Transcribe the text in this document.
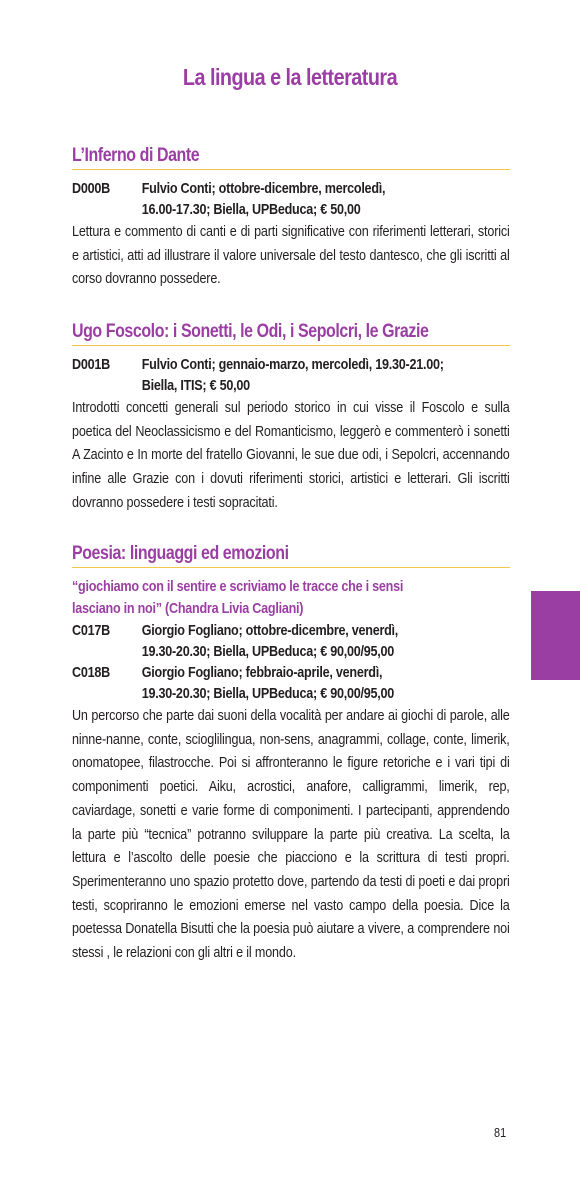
La lingua e la letteratura
L’Inferno di Dante
D000B Fulvio Conti; ottobre-dicembre, mercoledì,
16.00-17.30; Biella, UPBeduca; € 50,00
Lettura e commento di canti e di parti significative con riferimenti letterari, storici e artistici, atti ad illustrare il valore universale del testo dantesco, che gli iscritti al corso dovranno possedere.
Ugo Foscolo: i Sonetti, le Odi, i Sepolcri, le Grazie
D001B Fulvio Conti; gennaio-marzo, mercoledì, 19.30-21.00;
Biella, ITIS; € 50,00
Introdotti concetti generali sul periodo storico in cui visse il Foscolo e sulla poetica del Neoclassicismo e del Romanticismo, leggerò e commenterò i sonetti A Zacinto e In morte del fratello Giovanni, le sue due odi, i Sepolcri, accennando infine alle Grazie con i dovuti riferimenti storici, artistici e letterari. Gli iscritti dovranno possedere i testi sopracitati.
Poesia: linguaggi ed emozioni
“giochiamo con il sentire e scriviamo le tracce che i sensi
lasciano in noi” (Chandra Livia Cagliani)
C017B Giorgio Fogliano; ottobre-dicembre, venerdì,
19.30-20.30; Biella, UPBeduca; € 90,00/95,00
C018B Giorgio Fogliano; febbraio-aprile, venerdì,
19.30-20.30; Biella, UPBeduca; € 90,00/95,00
Un percorso che parte dai suoni della vocalità per andare ai giochi di parole, alle ninne-nanne, conte, scioglilingua, non-sens, anagrammi, collage, conte, limerik, onomatopee, filastrocche. Poi si affronteranno le figure retoriche e i vari tipi di componimenti poetici. Aiku, acrostici, anafore, calligrammi, limerik, rep, caviardage, sonetti e varie forme di componimenti. I partecipanti, apprendendo la parte più “tecnica” potranno sviluppare la parte più creativa. La scelta, la lettura e l’ascolto delle poesie che piacciono e la scrittura di testi propri. Sperimenteranno uno spazio protetto dove, partendo da testi di poeti e dai propri testi, scopriranno le emozioni emerse nel vasto campo della poesia. Dice la poetessa Donatella Bisutti che la poesia può aiutare a vivere, a comprendere noi stessi , le relazioni con gli altri e il mondo.
81
